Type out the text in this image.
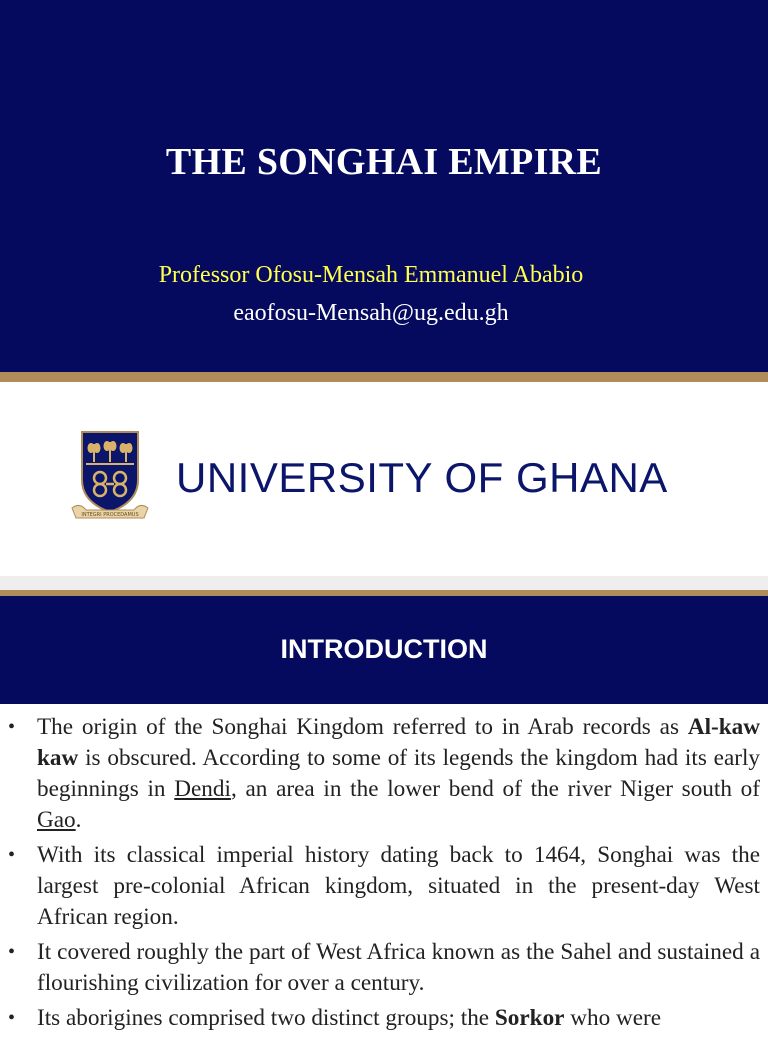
THE SONGHAI EMPIRE
Professor Ofosu-Mensah Emmanuel Ababio
eaofosu-Mensah@ug.edu.gh
INTEGRI PROCEDAMUS
UNIVERSITY OF GHANA
INTRODUCTION
• The origin of the Songhai Kingdom referred to in Arab records as Al-kaw kaw is obscured. According to some of its legends the kingdom had its early beginnings in Dendi, an area in the lower bend of the river Niger south of Gao.
• With its classical imperial history dating back to 1464, Songhai was the largest pre-colonial African kingdom, situated in the present-day West African region.
• It covered roughly the part of West Africa known as the Sahel and sustained a flourishing civilization for over a century.
• Its aborigines comprised two distinct groups; the Sorkor who were
